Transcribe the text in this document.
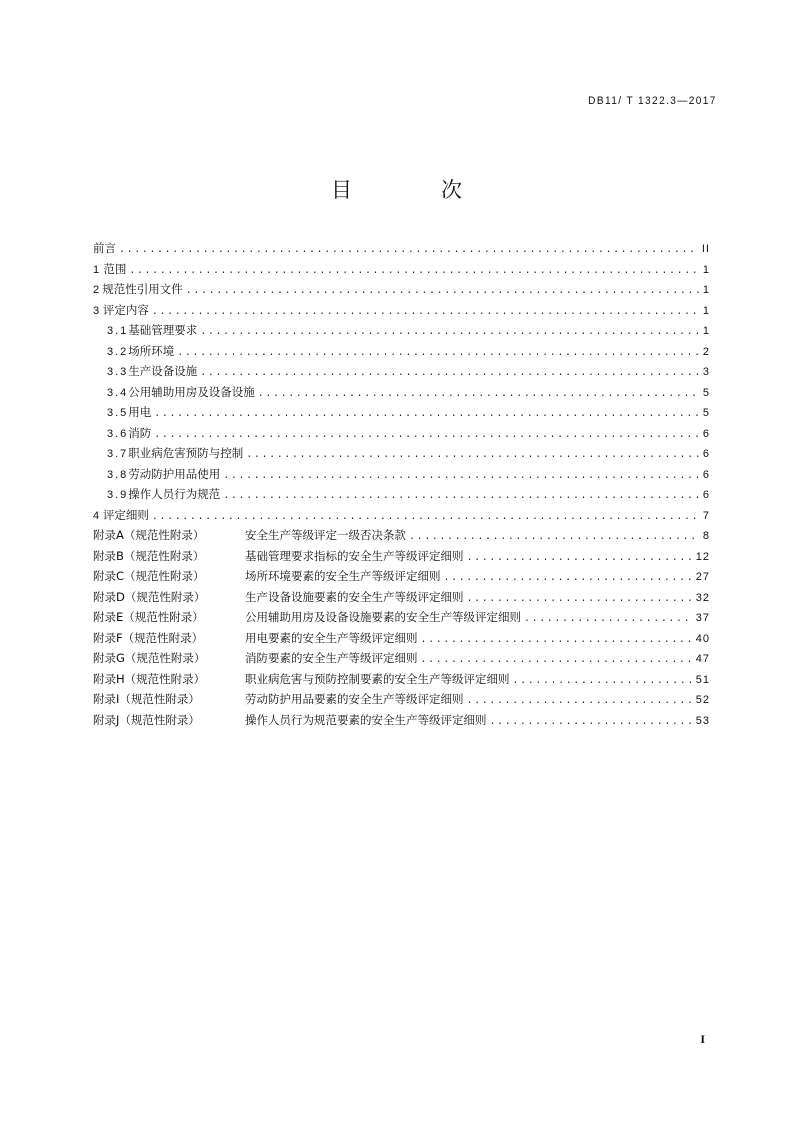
DB11/ T 1322.3—2017
目　次
前言 .....	II
1 范围 .....	1
2 规范性引用文件 .....	1
3 评定内容 .....	1
3.1 基础管理要求 .....	1
3.2 场所环境 .....	2
3.3 生产设备设施 .....	3
3.4 公用辅助用房及设备设施 .....	5
3.5 用电 .....	5
3.6 消防 .....	6
3.7 职业病危害预防与控制 .....	6
3.8 劳动防护用品使用 .....	6
3.9 操作人员行为规范 .....	6
4 评定细则 .....	7
附录A（规范性附录）	安全生产等级评定一级否决条款 .....	8
附录B（规范性附录）	基础管理要求指标的安全生产等级评定细则 .....	12
附录C（规范性附录）	场所环境要素的安全生产等级评定细则 .....	27
附录D（规范性附录）	生产设备设施要素的安全生产等级评定细则 .....	32
附录E（规范性附录）	公用辅助用房及设备设施要素的安全生产等级评定细则 .....	37
附录F（规范性附录）	用电要素的安全生产等级评定细则 .....	40
附录G（规范性附录）	消防要素的安全生产等级评定细则 .....	47
附录H（规范性附录）	职业病危害与预防控制要素的安全生产等级评定细则 .....	51
附录I（规范性附录）	劳动防护用品要素的安全生产等级评定细则 .....	52
附录J（规范性附录）	操作人员行为规范要素的安全生产等级评定细则 .....	53
I
